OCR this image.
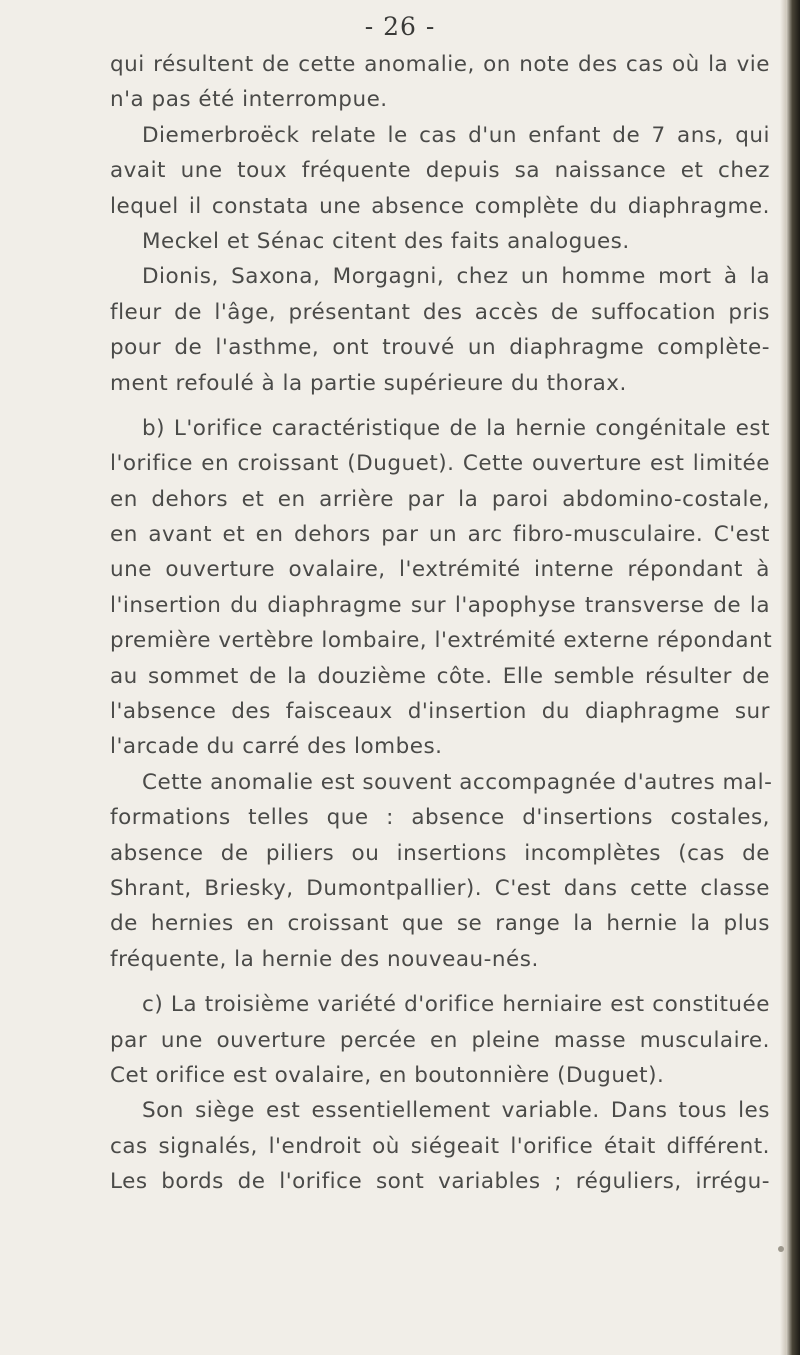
- 26 -
qui résultent de cette anomalie, on note des cas où la vie
n'a pas été interrompue.
Diemerbroëck relate le cas d'un enfant de 7 ans, qui
avait une toux fréquente depuis sa naissance et chez
lequel il constata une absence complète du diaphragme.
Meckel et Sénac citent des faits analogues.
Dionis, Saxona, Morgagni, chez un homme mort à la
fleur de l'âge, présentant des accès de suffocation pris
pour de l'asthme, ont trouvé un diaphragme complète-
ment refoulé à la partie supérieure du thorax.
b) L'orifice caractéristique de la hernie congénitale est
l'orifice en croissant (Duguet). Cette ouverture est limitée
en dehors et en arrière par la paroi abdomino-costale,
en avant et en dehors par un arc fibro-musculaire. C'est
une ouverture ovalaire, l'extrémité interne répondant à
l'insertion du diaphragme sur l'apophyse transverse de la
première vertèbre lombaire, l'extrémité externe répondant
au sommet de la douzième côte. Elle semble résulter de
l'absence des faisceaux d'insertion du diaphragme sur
l'arcade du carré des lombes.
Cette anomalie est souvent accompagnée d'autres mal-
formations telles que : absence d'insertions costales,
absence de piliers ou insertions incomplètes (cas de
Shrant, Briesky, Dumontpallier). C'est dans cette classe
de hernies en croissant que se range la hernie la plus
fréquente, la hernie des nouveau-nés.
c) La troisième variété d'orifice herniaire est constituée
par une ouverture percée en pleine masse musculaire.
Cet orifice est ovalaire, en boutonnière (Duguet).
Son siège est essentiellement variable. Dans tous les
cas signalés, l'endroit où siégeait l'orifice était différent.
Les bords de l'orifice sont variables ; réguliers, irrégu-
